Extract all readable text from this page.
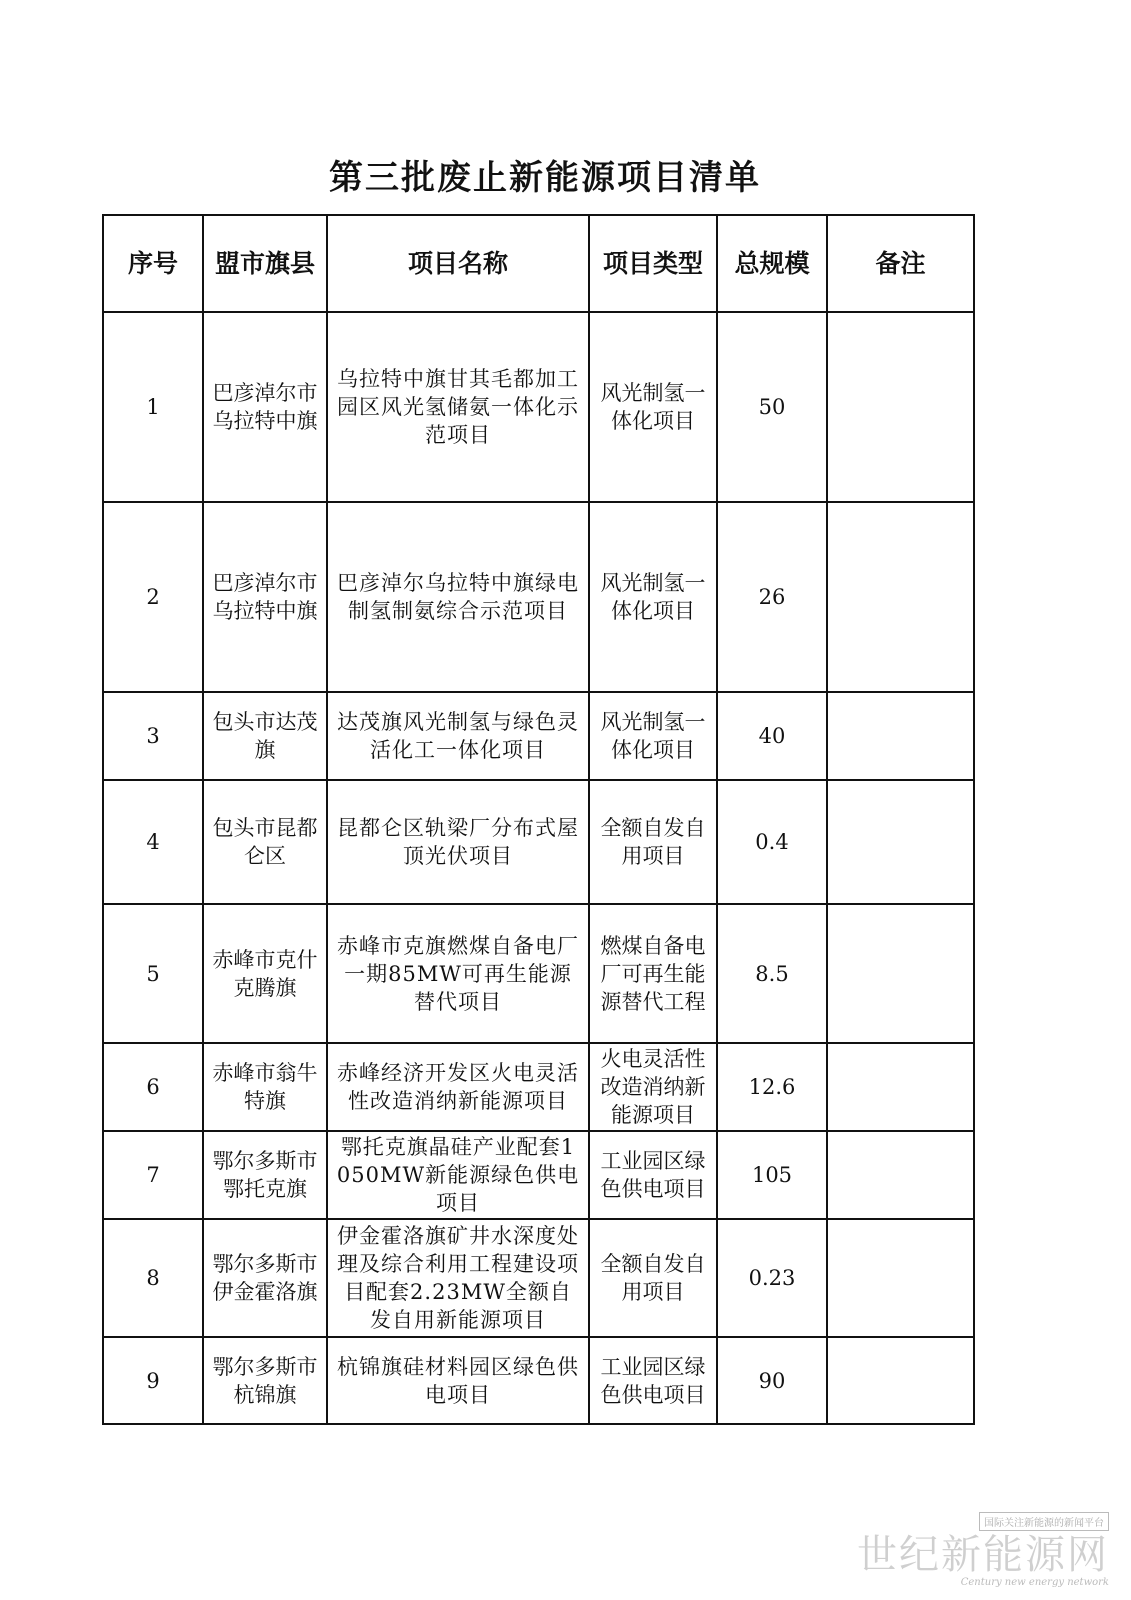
第三批废止新能源项目清单
序号	盟市旗县	项目名称	项目类型	总规模	备注
1	巴彦淖尔市乌拉特中旗	乌拉特中旗甘其毛都加工园区风光氢储氨一体化示范项目	风光制氢一体化项目	50	
2	巴彦淖尔市乌拉特中旗	巴彦淖尔乌拉特中旗绿电制氢制氨综合示范项目	风光制氢一体化项目	26	
3	包头市达茂旗	达茂旗风光制氢与绿色灵活化工一体化项目	风光制氢一体化项目	40	
4	包头市昆都仑区	昆都仑区轨梁厂分布式屋顶光伏项目	全额自发自用项目	0.4	
5	赤峰市克什克腾旗	赤峰市克旗燃煤自备电厂一期85MW可再生能源替代项目	燃煤自备电厂可再生能源替代工程	8.5	
6	赤峰市翁牛特旗	赤峰经济开发区火电灵活性改造消纳新能源项目	火电灵活性改造消纳新能源项目	12.6	
7	鄂尔多斯市鄂托克旗	鄂托克旗晶硅产业配套1050MW新能源绿色供电项目	工业园区绿色供电项目	105	
8	鄂尔多斯市伊金霍洛旗	伊金霍洛旗矿井水深度处理及综合利用工程建设项目配套2.23MW全额自发自用新能源项目	全额自发自用项目	0.23	
9	鄂尔多斯市杭锦旗	杭锦旗硅材料园区绿色供电项目	工业园区绿色供电项目	90	
国际关注新能源的新闻平台
世纪新能源网
Century new energy network
